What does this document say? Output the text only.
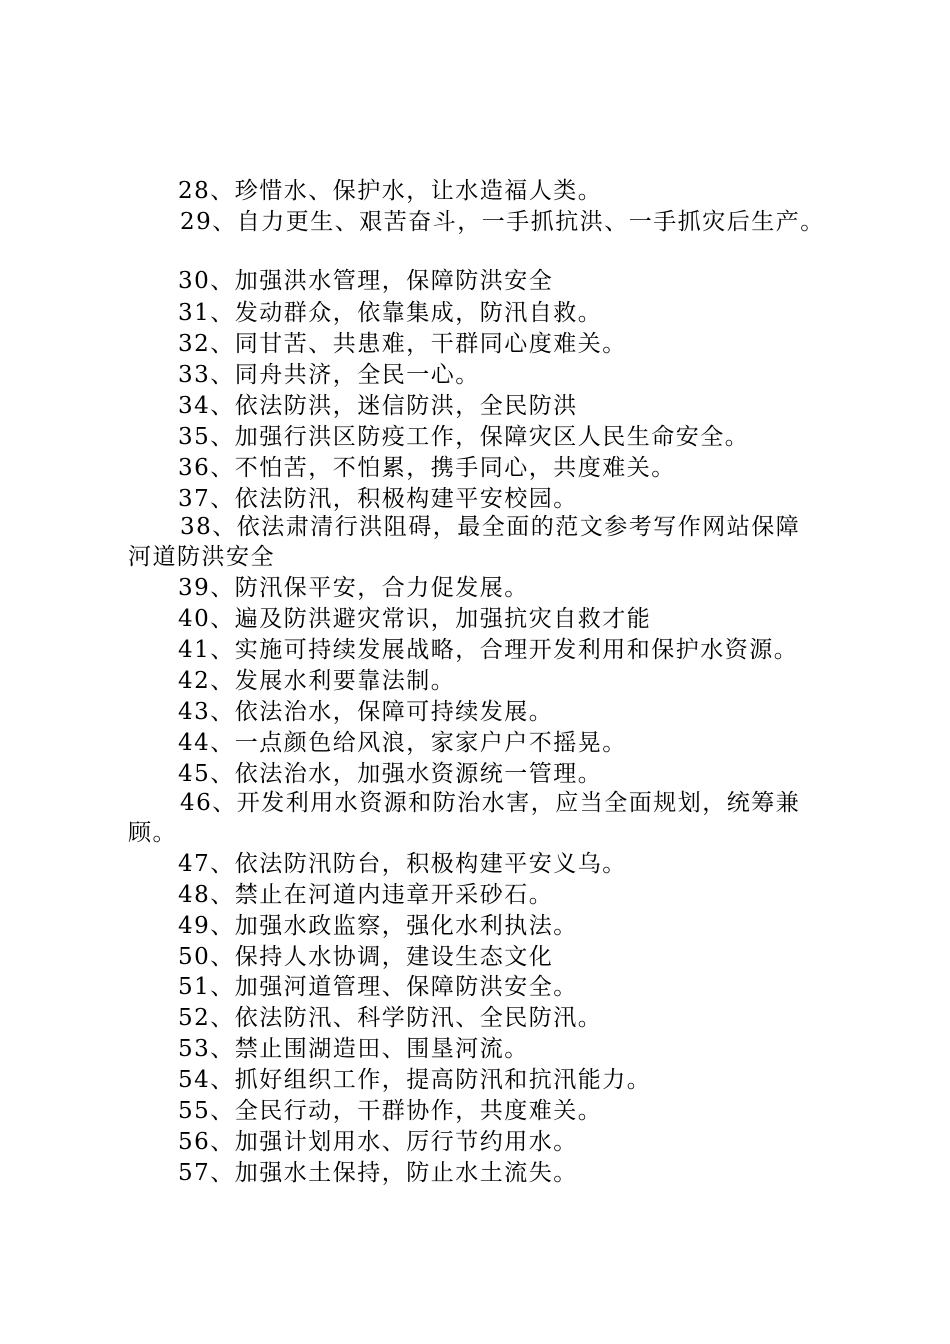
28、珍惜水、保护水，让水造福人类。
29、自力更生、艰苦奋斗，一手抓抗洪、一手抓灾后生产。
30、加强洪水管理，保障防洪安全
31、发动群众，依靠集成，防汛自救。
32、同甘苦、共患难，干群同心度难关。
33、同舟共济，全民一心。
34、依法防洪，迷信防洪，全民防洪
35、加强行洪区防疫工作，保障灾区人民生命安全。
36、不怕苦，不怕累，携手同心，共度难关。
37、依法防汛，积极构建平安校园。
38、依法肃清行洪阻碍，最全面的范文参考写作网站保障
河道防洪安全
39、防汛保平安，合力促发展。
40、遍及防洪避灾常识，加强抗灾自救才能
41、实施可持续发展战略，合理开发利用和保护水资源。
42、发展水利要靠法制。
43、依法治水，保障可持续发展。
44、一点颜色给风浪，家家户户不摇晃。
45、依法治水，加强水资源统一管理。
46、开发利用水资源和防治水害，应当全面规划，统筹兼
顾。
47、依法防汛防台，积极构建平安义乌。
48、禁止在河道内违章开采砂石。
49、加强水政监察，强化水利执法。
50、保持人水协调，建设生态文化
51、加强河道管理、保障防洪安全。
52、依法防汛、科学防汛、全民防汛。
53、禁止围湖造田、围垦河流。
54、抓好组织工作，提高防汛和抗汛能力。
55、全民行动，干群协作，共度难关。
56、加强计划用水、厉行节约用水。
57、加强水土保持，防止水土流失。
